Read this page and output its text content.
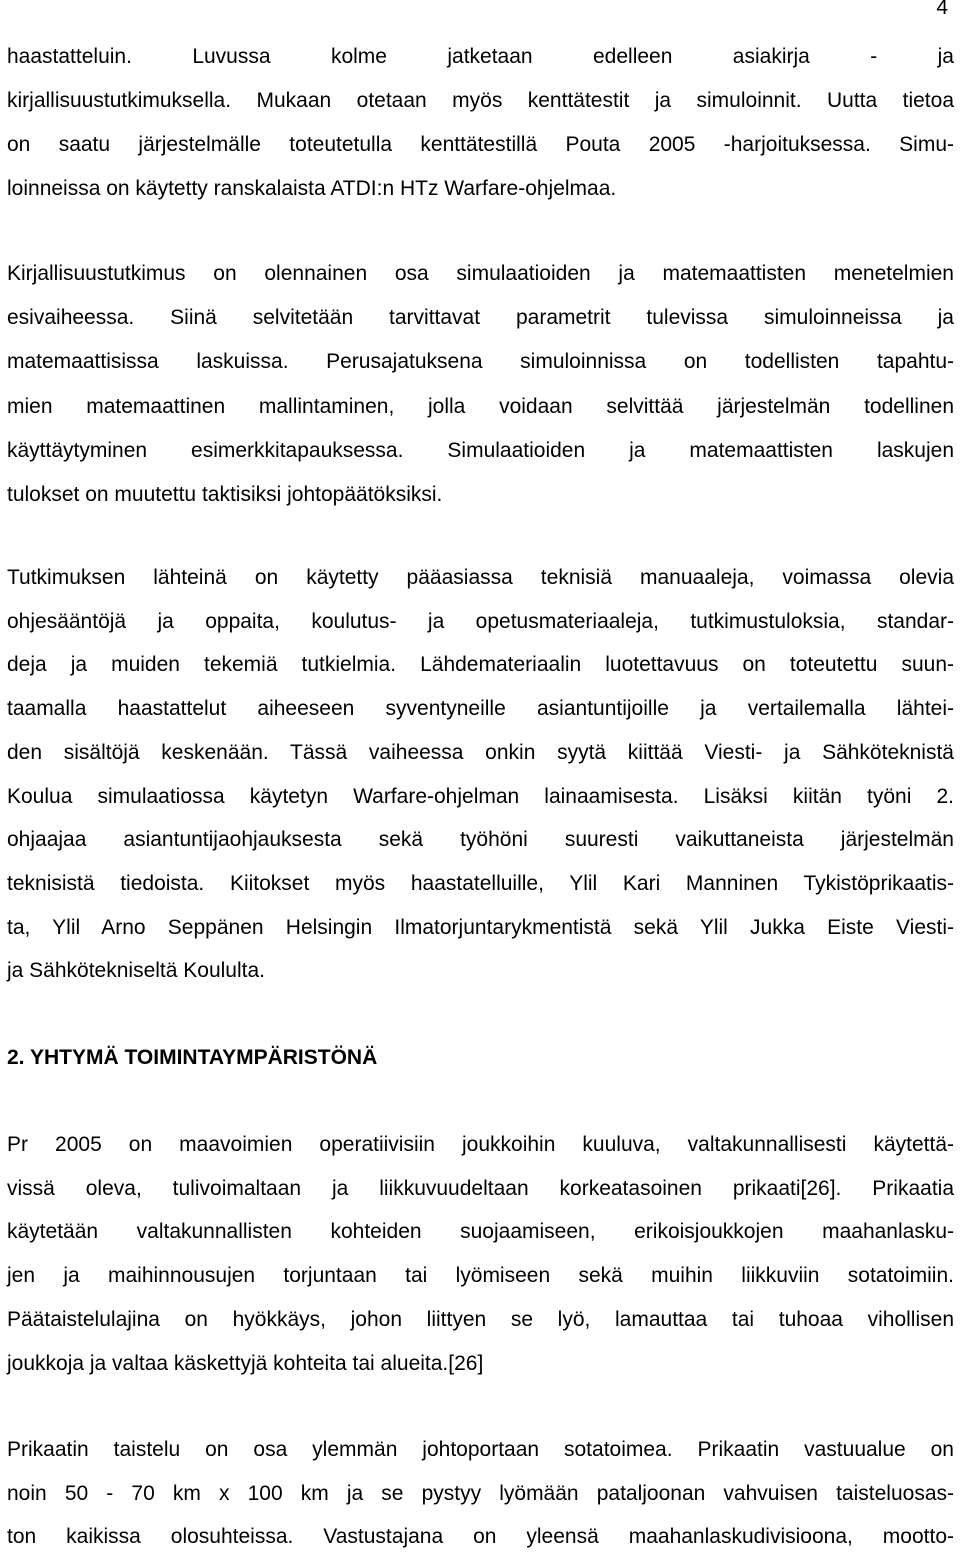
4

haastatteluin. Luvussa kolme jatketaan edelleen asiakirja - ja
kirjallisuustutkimuksella. Mukaan otetaan myös kenttätestit ja simuloinnit. Uutta tietoa
on saatu järjestelmälle toteutetulla kenttätestillä Pouta 2005 -harjoituksessa. Simu-
loinneissa on käytetty ranskalaista ATDI:n HTz Warfare-ohjelmaa.

Kirjallisuustutkimus on olennainen osa simulaatioiden ja matemaattisten menetelmien
esivaiheessa. Siinä selvitetään tarvittavat parametrit tulevissa simuloinneissa ja
matemaattisissa laskuissa. Perusajatuksena simuloinnissa on todellisten tapahtu-
mien matemaattinen mallintaminen, jolla voidaan selvittää järjestelmän todellinen
käyttäytyminen esimerkkitapauksessa. Simulaatioiden ja matemaattisten laskujen
tulokset on muutettu taktisiksi johtopäätöksiksi.

Tutkimuksen lähteinä on käytetty pääasiassa teknisiä manuaaleja, voimassa olevia
ohjesääntöjä ja oppaita, koulutus- ja opetusmateriaaleja, tutkimustuloksia, standar-
deja ja muiden tekemiä tutkielmia. Lähdemateriaalin luotettavuus on toteutettu suun-
taamalla haastattelut aiheeseen syventyneille asiantuntijoille ja vertailemalla lähtei-
den sisältöjä keskenään. Tässä vaiheessa onkin syytä kiittää Viesti- ja Sähköteknistä
Koulua simulaatiossa käytetyn Warfare-ohjelman lainaamisesta. Lisäksi kiitän työni 2.
ohjaajaa asiantuntijaohjauksesta sekä työhöni suuresti vaikuttaneista järjestelmän
teknisistä tiedoista. Kiitokset myös haastatelluille, Ylil Kari Manninen Tykistöprikaatis-
ta, Ylil Arno Seppänen Helsingin Ilmatorjuntarykmentistä sekä Ylil Jukka Eiste Viesti-
ja Sähkötekniseltä Koululta.

2. YHTYMÄ TOIMINTAYMPÄRISTÖNÄ

Pr 2005 on maavoimien operatiivisiin joukkoihin kuuluva, valtakunnallisesti käytettä-
vissä oleva, tulivoimaltaan ja liikkuvuudeltaan korkeatasoinen prikaati[26]. Prikaatia
käytetään valtakunnallisten kohteiden suojaamiseen, erikoisjoukkojen maahanlasku-
jen ja maihinnousujen torjuntaan tai lyömiseen sekä muihin liikkuviin sotatoimiin.
Päätaistelulajina on hyökkäys, johon liittyen se lyö, lamauttaa tai tuhoaa vihollisen
joukkoja ja valtaa käskettyjä kohteita tai alueita.[26]

Prikaatin taistelu on osa ylemmän johtoportaan sotatoimea. Prikaatin vastuualue on
noin 50 - 70 km x 100 km ja se pystyy lyömään pataljoonan vahvuisen taisteluosas-
ton kaikissa olosuhteissa. Vastustajana on yleensä maahanlaskudivisioona, mootto-
